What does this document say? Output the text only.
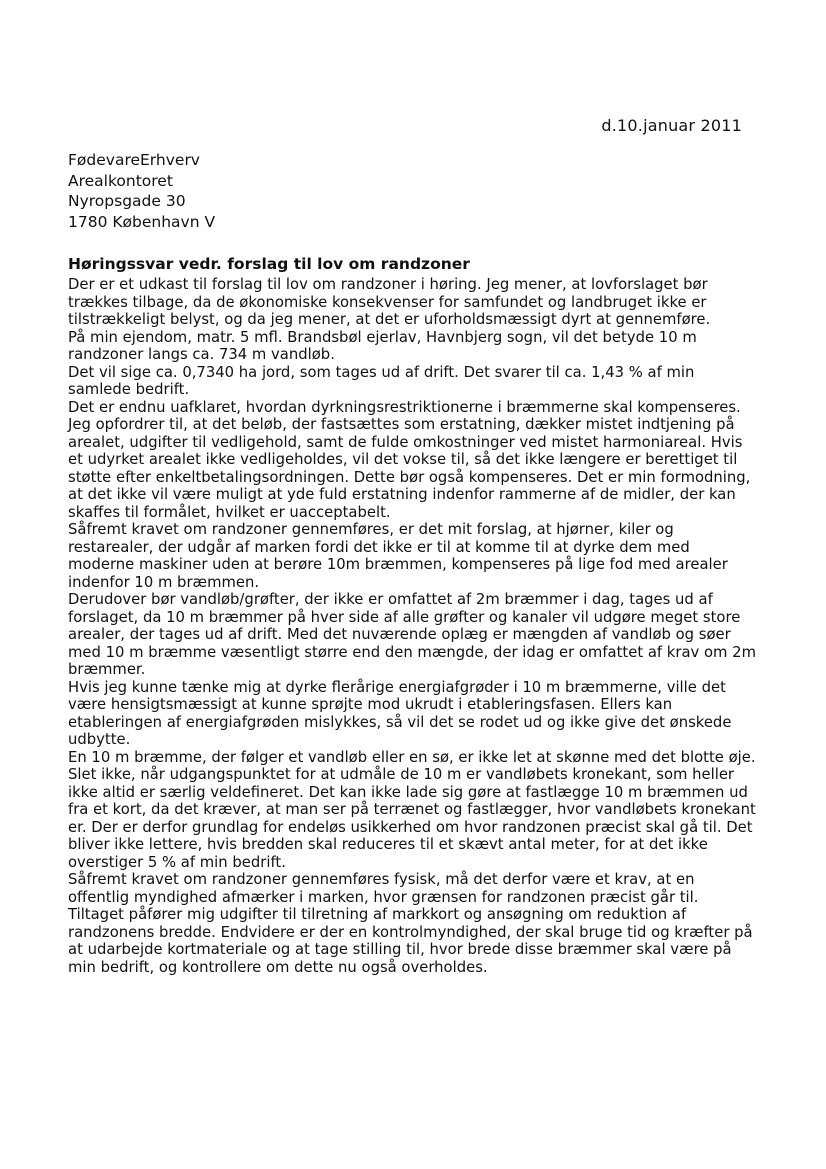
d.10.januar 2011
FødevareErhverv
Arealkontoret
Nyropsgade 30
1780 København V
Høringssvar vedr. forslag til lov om randzoner

Der er et udkast til forslag til lov om randzoner i høring. Jeg mener, at lovforslaget bør trækkes tilbage, da de økonomiske konsekvenser for samfundet og landbruget ikke er tilstrækkeligt belyst, og da jeg mener, at det er uforholdsmæssigt dyrt at gennemføre.

På min ejendom, matr. 5 mfl. Brandsbøl ejerlav, Havnbjerg sogn, vil det betyde 10 m randzoner langs ca. 734 m vandløb.

Det vil sige ca. 0,7340 ha jord, som tages ud af drift. Det svarer til ca. 1,43 % af min samlede bedrift.

Det er endnu uafklaret, hvordan dyrkningsrestriktionerne i bræmmerne skal kompenseres. Jeg opfordrer til, at det beløb, der fastsættes som erstatning, dækker mistet indtjening på arealet, udgifter til vedligehold, samt de fulde omkostninger ved mistet harmoniareal. Hvis et udyrket arealet ikke vedligeholdes, vil det vokse til, så det ikke længere er berettiget til støtte efter enkeltbetalingsordningen. Dette bør også kompenseres. Det er min formodning, at det ikke vil være muligt at yde fuld erstatning indenfor rammerne af de midler, der kan skaffes til formålet, hvilket er uacceptabelt.

Såfremt kravet om randzoner gennemføres, er det mit forslag, at hjørner, kiler og restarealer, der udgår af marken fordi det ikke er til at komme til at dyrke dem med moderne maskiner uden at berøre 10m bræmmen, kompenseres på lige fod med arealer indenfor 10 m bræmmen.

Derudover bør vandløb/grøfter, der ikke er omfattet af 2m bræmmer i dag, tages ud af forslaget, da 10 m bræmmer på hver side af alle grøfter og kanaler vil udgøre meget store arealer, der tages ud af drift. Med det nuværende oplæg er mængden af vandløb og søer med 10 m bræmme væsentligt større end den mængde, der idag er omfattet af krav om 2m bræmmer.

Hvis jeg kunne tænke mig at dyrke flerårige energiafgrøder i 10 m bræmmerne, ville det være hensigtsmæssigt at kunne sprøjte mod ukrudt i etableringsfasen. Ellers kan etableringen af energiafgrøden mislykkes, så vil det se rodet ud og ikke give det ønskede udbytte.

En 10 m bræmme, der følger et vandløb eller en sø, er ikke let at skønne med det blotte øje. Slet ikke, når udgangspunktet for at udmåle de 10 m er vandløbets kronekant, som heller ikke altid er særlig veldefineret. Det kan ikke lade sig gøre at fastlægge 10 m bræmmen ud fra et kort, da det kræver, at man ser på terrænet og fastlægger, hvor vandløbets kronekant er. Der er derfor grundlag for endeløs usikkerhed om hvor randzonen præcist skal gå til. Det bliver ikke lettere, hvis bredden skal reduceres til et skævt antal meter, for at det ikke overstiger 5 % af min bedrift.

Såfremt kravet om randzoner gennemføres fysisk, må det derfor være et krav, at en offentlig myndighed afmærker i marken, hvor grænsen for randzonen præcist går til.

Tiltaget påfører mig udgifter til tilretning af markkort og ansøgning om reduktion af randzonens bredde. Endvidere er der en kontrolmyndighed, der skal bruge tid og kræfter på at udarbejde kortmateriale og at tage stilling til, hvor brede disse bræmmer skal være på min bedrift, og kontrollere om dette nu også overholdes.
